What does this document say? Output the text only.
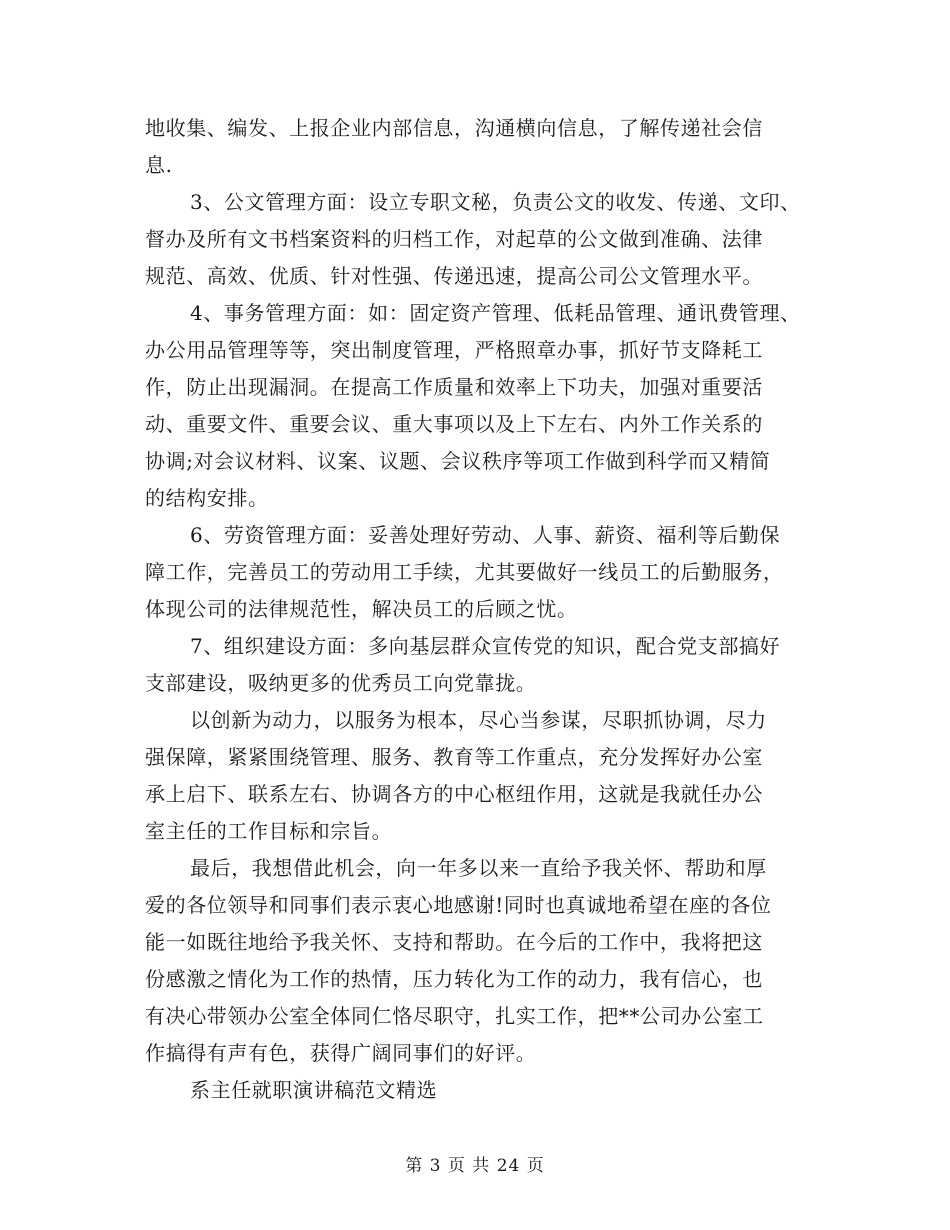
地收集、编发、上报企业内部信息，沟通横向信息，了解传递社会信
息.
3、公文管理方面：设立专职文秘，负责公文的收发、传递、文印、
督办及所有文书档案资料的归档工作，对起草的公文做到准确、法律
规范、高效、优质、针对性强、传递迅速，提高公司公文管理水平。
4、事务管理方面：如：固定资产管理、低耗品管理、通讯费管理、
办公用品管理等等，突出制度管理，严格照章办事，抓好节支降耗工
作，防止出现漏洞。在提高工作质量和效率上下功夫，加强对重要活
动、重要文件、重要会议、重大事项以及上下左右、内外工作关系的
协调;对会议材料、议案、议题、会议秩序等项工作做到科学而又精简
的结构安排。
6、劳资管理方面：妥善处理好劳动、人事、薪资、福利等后勤保
障工作，完善员工的劳动用工手续，尤其要做好一线员工的后勤服务，
体现公司的法律规范性，解决员工的后顾之忧。
7、组织建设方面：多向基层群众宣传党的知识，配合党支部搞好
支部建设，吸纳更多的优秀员工向党靠拢。
以创新为动力，以服务为根本，尽心当参谋，尽职抓协调，尽力
强保障，紧紧围绕管理、服务、教育等工作重点，充分发挥好办公室
承上启下、联系左右、协调各方的中心枢纽作用，这就是我就任办公
室主任的工作目标和宗旨。
最后，我想借此机会，向一年多以来一直给予我关怀、帮助和厚
爱的各位领导和同事们表示衷心地感谢!同时也真诚地希望在座的各位
能一如既往地给予我关怀、支持和帮助。在今后的工作中，我将把这
份感激之情化为工作的热情，压力转化为工作的动力，我有信心，也
有决心带领办公室全体同仁恪尽职守，扎实工作，把**公司办公室工
作搞得有声有色，获得广阔同事们的好评。
系主任就职演讲稿范文精选
第 3 页 共 24 页
